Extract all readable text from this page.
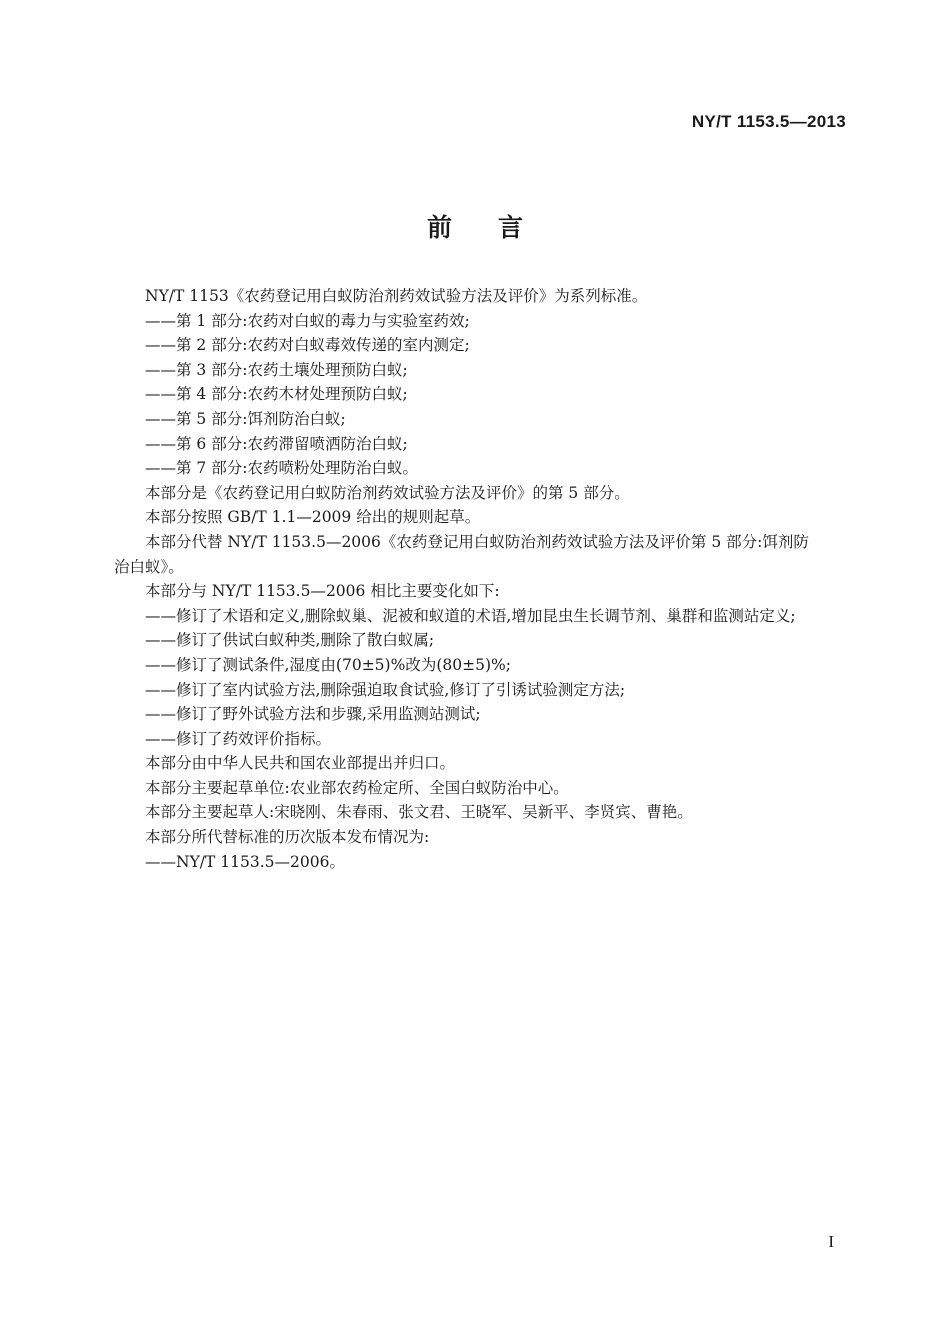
NY/T 1153.5—2013
前言

NY/T 1153《农药登记用白蚁防治剂药效试验方法及评价》为系列标准。

——第 1 部分:农药对白蚁的毒力与实验室药效;

——第 2 部分:农药对白蚁毒效传递的室内测定;

——第 3 部分:农药土壤处理预防白蚁;

——第 4 部分:农药木材处理预防白蚁;

——第 5 部分:饵剂防治白蚁;

——第 6 部分:农药滞留喷洒防治白蚁;

——第 7 部分:农药喷粉处理防治白蚁。

本部分是《农药登记用白蚁防治剂药效试验方法及评价》的第 5 部分。

本部分按照 GB/T 1.1—2009 给出的规则起草。

本部分代替 NY/T 1153.5—2006《农药登记用白蚁防治剂药效试验方法及评价第 5 部分:饵剂防

治白蚁》。

本部分与 NY/T 1153.5—2006 相比主要变化如下:

——修订了术语和定义,删除蚁巢、泥被和蚁道的术语,增加昆虫生长调节剂、巢群和监测站定义;

——修订了供试白蚁种类,删除了散白蚁属;

——修订了测试条件,湿度由(70±5)%改为(80±5)%;

——修订了室内试验方法,删除强迫取食试验,修订了引诱试验测定方法;

——修订了野外试验方法和步骤,采用监测站测试;

——修订了药效评价指标。

本部分由中华人民共和国农业部提出并归口。

本部分主要起草单位:农业部农药检定所、全国白蚁防治中心。

本部分主要起草人:宋晓刚、朱春雨、张文君、王晓军、吴新平、李贤宾、曹艳。

本部分所代替标准的历次版本发布情况为:

——NY/T 1153.5—2006。

I
